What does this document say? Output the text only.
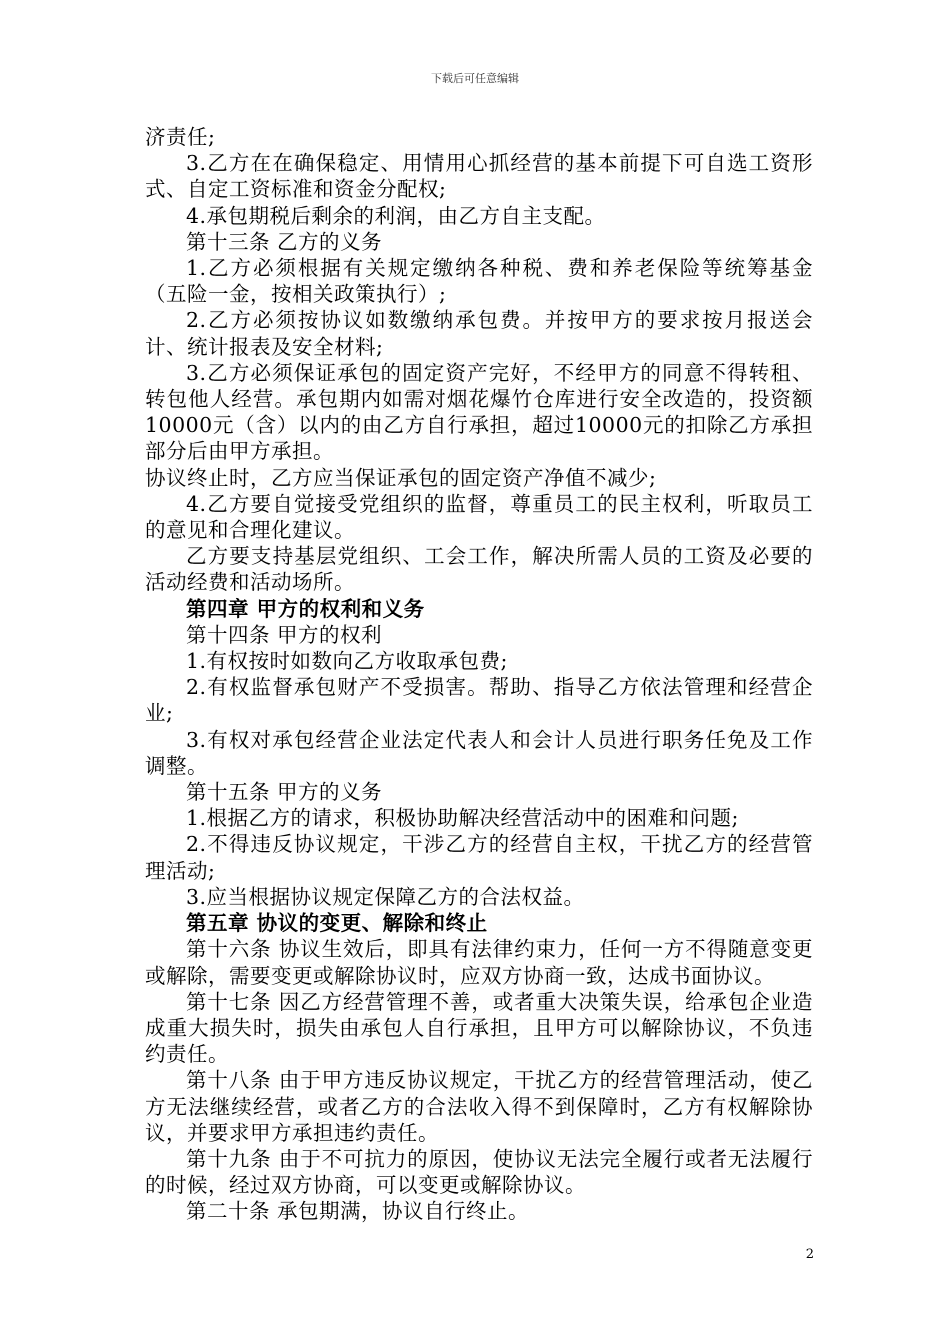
下载后可任意编辑

济责任;

3.乙方在在确保稳定、用情用心抓经营的基本前提下可自选工资形式、自定工资标准和资金分配权;

4.承包期税后剩余的利润，由乙方自主支配。

第十三条 乙方的义务

1.乙方必须根据有关规定缴纳各种税、费和养老保险等统筹基金（五险一金，按相关政策执行）;

2.乙方必须按协议如数缴纳承包费。并按甲方的要求按月报送会计、统计报表及安全材料;

3.乙方必须保证承包的固定资产完好，不经甲方的同意不得转租、转包他人经营。承包期内如需对烟花爆竹仓库进行安全改造的，投资额10000元（含）以内的由乙方自行承担，超过10000元的扣除乙方承担部分后由甲方承担。

协议终止时，乙方应当保证承包的固定资产净值不减少;

4.乙方要自觉接受党组织的监督，尊重员工的民主权利，听取员工的意见和合理化建议。

乙方要支持基层党组织、工会工作，解决所需人员的工资及必要的活动经费和活动场所。

第四章 甲方的权利和义务

第十四条 甲方的权利

1.有权按时如数向乙方收取承包费;

2.有权监督承包财产不受损害。帮助、指导乙方依法管理和经营企业;

3.有权对承包经营企业法定代表人和会计人员进行职务任免及工作调整。

第十五条 甲方的义务

1.根据乙方的请求，积极协助解决经营活动中的困难和问题;

2.不得违反协议规定，干涉乙方的经营自主权，干扰乙方的经营管理活动;

3.应当根据协议规定保障乙方的合法权益。

第五章 协议的变更、解除和终止

第十六条 协议生效后，即具有法律约束力，任何一方不得随意变更或解除，需要变更或解除协议时，应双方协商一致，达成书面协议。

第十七条 因乙方经营管理不善，或者重大决策失误，给承包企业造成重大损失时，损失由承包人自行承担，且甲方可以解除协议，不负违约责任。

第十八条 由于甲方违反协议规定，干扰乙方的经营管理活动，使乙方无法继续经营，或者乙方的合法收入得不到保障时，乙方有权解除协议，并要求甲方承担违约责任。

第十九条 由于不可抗力的原因，使协议无法完全履行或者无法履行的时候，经过双方协商，可以变更或解除协议。

第二十条 承包期满，协议自行终止。

2
